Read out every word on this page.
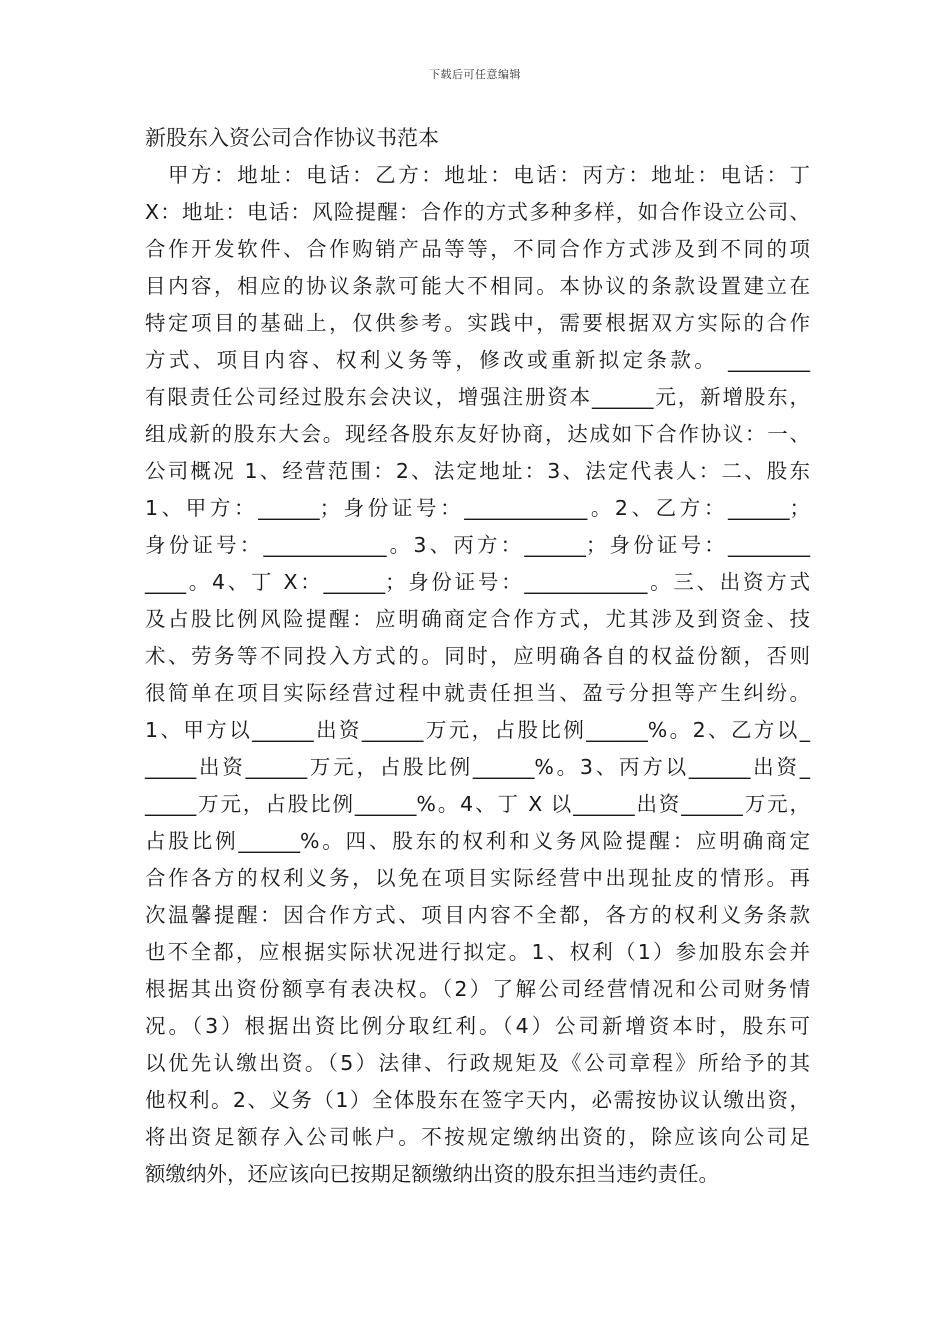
下载后可任意编辑
新股东入资公司合作协议书范本
　甲方：地址：电话：乙方：地址：电话：丙方：地址：电话：丁
X：地址：电话：风险提醒：合作的方式多种多样，如合作设立公司、
合作开发软件、合作购销产品等等，不同合作方式涉及到不同的项
目内容，相应的协议条款可能大不相同。本协议的条款设置建立在
特定项目的基础上，仅供参考。实践中，需要根据双方实际的合作
方式、项目内容、权利义务等，修改或重新拟定条款。 ________
有限责任公司经过股东会决议，增强注册资本______元，新增股东，
组成新的股东大会。现经各股东友好协商，达成如下合作协议：一、
公司概况 1、经营范围：2、法定地址：3、法定代表人：二、股东
1、甲方：______；身份证号：____________。2、乙方：______；
身份证号：____________。3、丙方：______；身份证号：________
____。4、丁 X：______；身份证号：____________。三、出资方式
及占股比例风险提醒：应明确商定合作方式，尤其涉及到资金、技
术、劳务等不同投入方式的。同时，应明确各自的权益份额，否则
很简单在项目实际经营过程中就责任担当、盈亏分担等产生纠纷。
1、甲方以______出资______万元，占股比例______%。2、乙方以_
_____出资______万元，占股比例______%。3、丙方以______出资_
_____万元，占股比例______%。4、丁 X 以______出资______万元，
占股比例______%。四、股东的权利和义务风险提醒：应明确商定
合作各方的权利义务，以免在项目实际经营中出现扯皮的情形。再
次温馨提醒：因合作方式、项目内容不全都，各方的权利义务条款
也不全都，应根据实际状况进行拟定。1、权利（1）参加股东会并
根据其出资份额享有表决权。（2）了解公司经营情况和公司财务情
况。（3）根据出资比例分取红利。（4）公司新增资本时，股东可
以优先认缴出资。（5）法律、行政规矩及《公司章程》所给予的其
他权利。2、义务（1）全体股东在签字天内，必需按协议认缴出资，
将出资足额存入公司帐户。不按规定缴纳出资的，除应该向公司足
额缴纳外，还应该向已按期足额缴纳出资的股东担当违约责任。
